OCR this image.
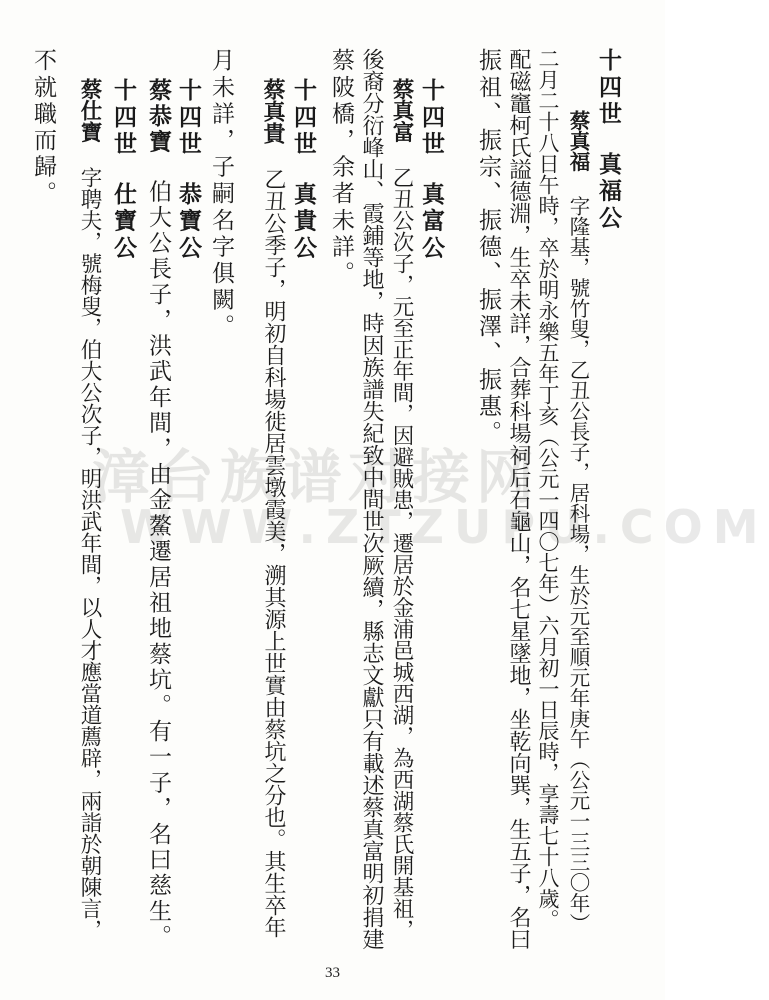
漳台族谱对接网
WWW.ZTZUPU.COM
十四世真福公
蔡真福字隆基，號竹叟，乙丑公長子，居科場，生於元至順元年庚午（公元一三三〇年）
二月二十八日午時，卒於明永樂五年丁亥（公元一四〇七年）六月初一日辰時，享壽七十八歲。
配磁竈柯氏謚德淵，生卒未詳，合葬科場祠后石龜山，名七星墜地，坐乾向巽，生五子，名曰
振祖、振宗、振德、振澤、振惠。
十四世真富公
蔡真富乙丑公次子，元至正年間，因避賊患，遷居於金浦邑城西湖，為西湖蔡氏開基祖，
後裔分衍峰山、霞鋪等地，時因族譜失紀致中間世次厥續，縣志文獻只有載述蔡真富明初捐建
蔡陂橋，余者未詳。
十四世真貴公
蔡真貴乙丑公季子，明初自科場徙居雲墩霞美，溯其源上世實由蔡坑之分也。其生卒年
月未詳，子嗣名字俱闕。
十四世恭寶公
蔡恭寶伯大公長子，洪武年間，由金鰲遷居祖地蔡坑。有一子，名曰慈生。
十四世仕寶公
蔡仕寶字聘夫，號梅叟，伯大公次子，明洪武年間，以人才應當道薦辟，兩詣於朝陳言，
不就職而歸。
33
